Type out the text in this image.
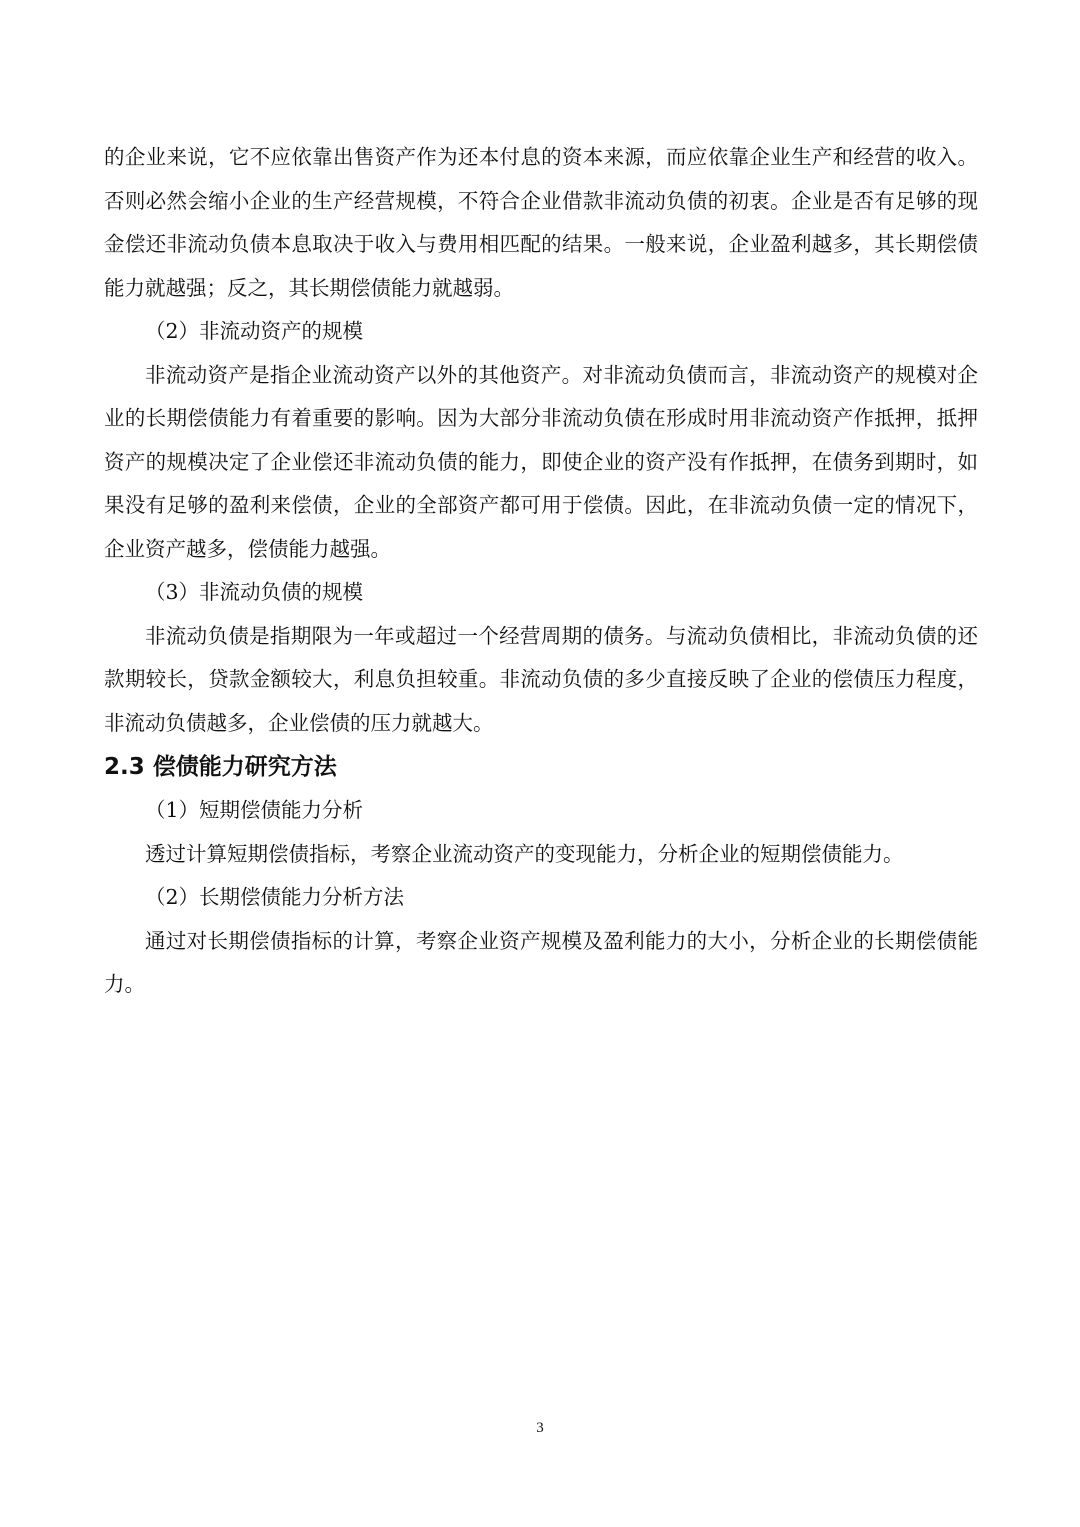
的企业来说，它不应依靠出售资产作为还本付息的资本来源，而应依靠企业生产和经营的收入。否则必然会缩小企业的生产经营规模，不符合企业借款非流动负债的初衷。企业是否有足够的现金偿还非流动负债本息取决于收入与费用相匹配的结果。一般来说，企业盈利越多，其长期偿债能力就越强；反之，其长期偿债能力就越弱。

（2）非流动资产的规模

非流动资产是指企业流动资产以外的其他资产。对非流动负债而言，非流动资产的规模对企业的长期偿债能力有着重要的影响。因为大部分非流动负债在形成时用非流动资产作抵押，抵押资产的规模决定了企业偿还非流动负债的能力，即使企业的资产没有作抵押，在债务到期时，如果没有足够的盈利来偿债，企业的全部资产都可用于偿债。因此，在非流动负债一定的情况下，企业资产越多，偿债能力越强。

（3）非流动负债的规模

非流动负债是指期限为一年或超过一个经营周期的债务。与流动负债相比，非流动负债的还款期较长，贷款金额较大，利息负担较重。非流动负债的多少直接反映了企业的偿债压力程度，非流动负债越多，企业偿债的压力就越大。

2.3 偿债能力研究方法

（1）短期偿债能力分析

透过计算短期偿债指标，考察企业流动资产的变现能力，分析企业的短期偿债能力。

（2）长期偿债能力分析方法

通过对长期偿债指标的计算，考察企业资产规模及盈利能力的大小，分析企业的长期偿债能力。

3
